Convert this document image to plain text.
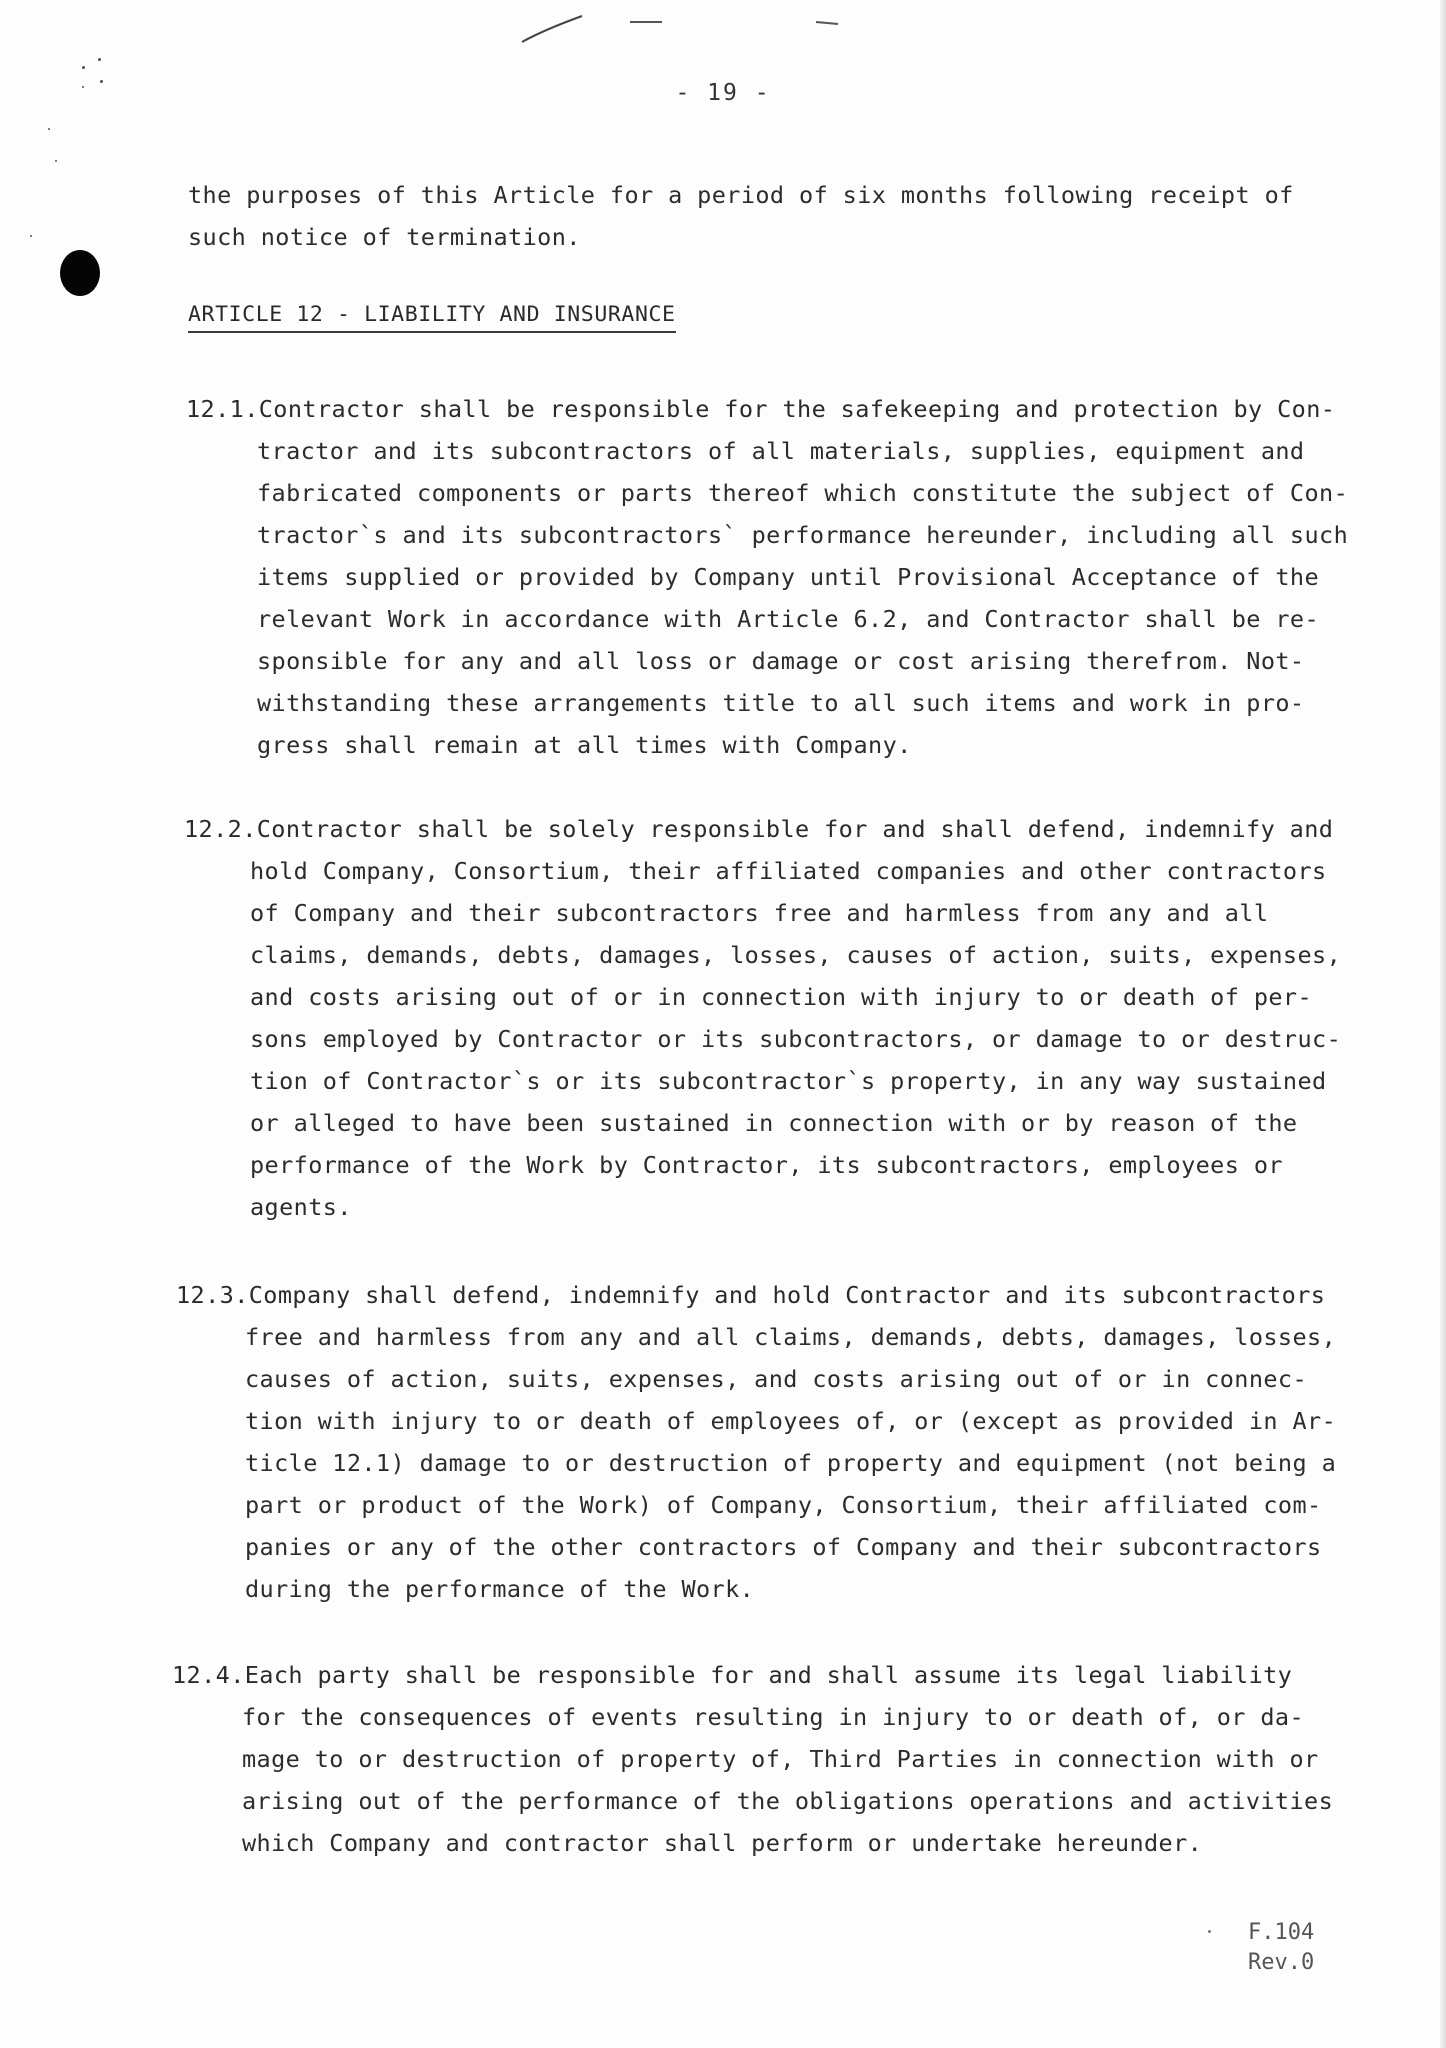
- 19 -
the purposes of this Article for a period of six months following receipt of
such notice of termination.
ARTICLE 12 - LIABILITY AND INSURANCE
12.1.Contractor shall be responsible for the safekeeping and protection by Con-
tractor and its subcontractors of all materials, supplies, equipment and
fabricated components or parts thereof which constitute the subject of Con-
tractor`s and its subcontractors` performance hereunder, including all such
items supplied or provided by Company until Provisional Acceptance of the
relevant Work in accordance with Article 6.2, and Contractor shall be re-
sponsible for any and all loss or damage or cost arising therefrom. Not-
withstanding these arrangements title to all such items and work in pro-
gress shall remain at all times with Company.
12.2.Contractor shall be solely responsible for and shall defend, indemnify and
hold Company, Consortium, their affiliated companies and other contractors
of Company and their subcontractors free and harmless from any and all
claims, demands, debts, damages, losses, causes of action, suits, expenses,
and costs arising out of or in connection with injury to or death of per-
sons employed by Contractor or its subcontractors, or damage to or destruc-
tion of Contractor`s or its subcontractor`s property, in any way sustained
or alleged to have been sustained in connection with or by reason of the
performance of the Work by Contractor, its subcontractors, employees or
agents.
12.3.Company shall defend, indemnify and hold Contractor and its subcontractors
free and harmless from any and all claims, demands, debts, damages, losses,
causes of action, suits, expenses, and costs arising out of or in connec-
tion with injury to or death of employees of, or (except as provided in Ar-
ticle 12.1) damage to or destruction of property and equipment (not being a
part or product of the Work) of Company, Consortium, their affiliated com-
panies or any of the other contractors of Company and their subcontractors
during the performance of the Work.
12.4.Each party shall be responsible for and shall assume its legal liability
for the consequences of events resulting in injury to or death of, or da-
mage to or destruction of property of, Third Parties in connection with or
arising out of the performance of the obligations operations and activities
which Company and contractor shall perform or undertake hereunder.
F.104
Rev.0
